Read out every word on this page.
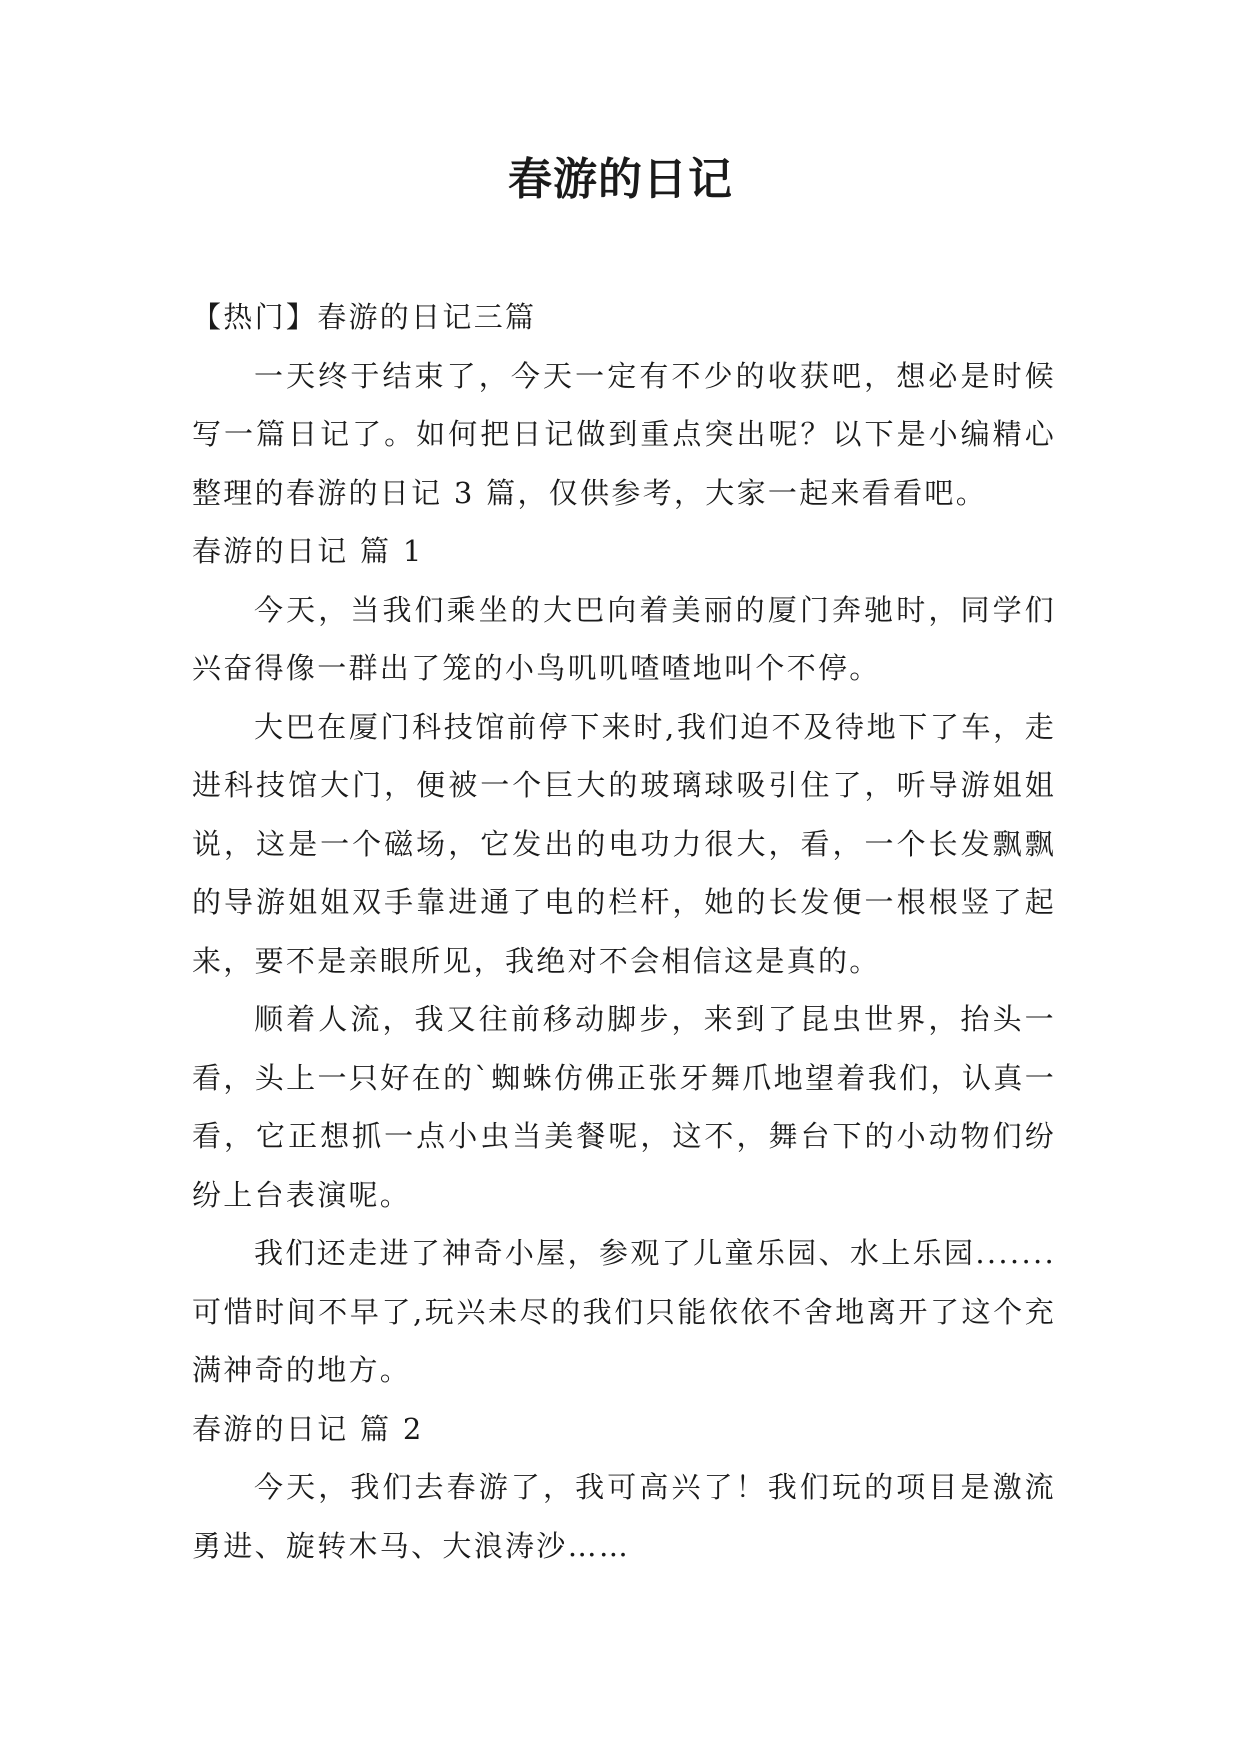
春游的日记

【热门】春游的日记三篇

一天终于结束了，今天一定有不少的收获吧，想必是时候写一篇日记了。如何把日记做到重点突出呢？以下是小编精心整理的春游的日记 3 篇，仅供参考，大家一起来看看吧。

春游的日记 篇 1

今天，当我们乘坐的大巴向着美丽的厦门奔驰时，同学们兴奋得像一群出了笼的小鸟叽叽喳喳地叫个不停。

大巴在厦门科技馆前停下来时,我们迫不及待地下了车，走进科技馆大门，便被一个巨大的玻璃球吸引住了，听导游姐姐说，这是一个磁场，它发出的电功力很大，看，一个长发飘飘的导游姐姐双手靠进通了电的栏杆，她的长发便一根根竖了起来，要不是亲眼所见，我绝对不会相信这是真的。

顺着人流，我又往前移动脚步，来到了昆虫世界，抬头一看，头上一只好在的`蜘蛛仿佛正张牙舞爪地望着我们，认真一看，它正想抓一点小虫当美餐呢，这不，舞台下的小动物们纷纷上台表演呢。

我们还走进了神奇小屋，参观了儿童乐园、水上乐园.......可惜时间不早了,玩兴未尽的我们只能依依不舍地离开了这个充满神奇的地方。

春游的日记 篇 2

今天，我们去春游了，我可高兴了！我们玩的项目是激流勇进、旋转木马、大浪涛沙……
